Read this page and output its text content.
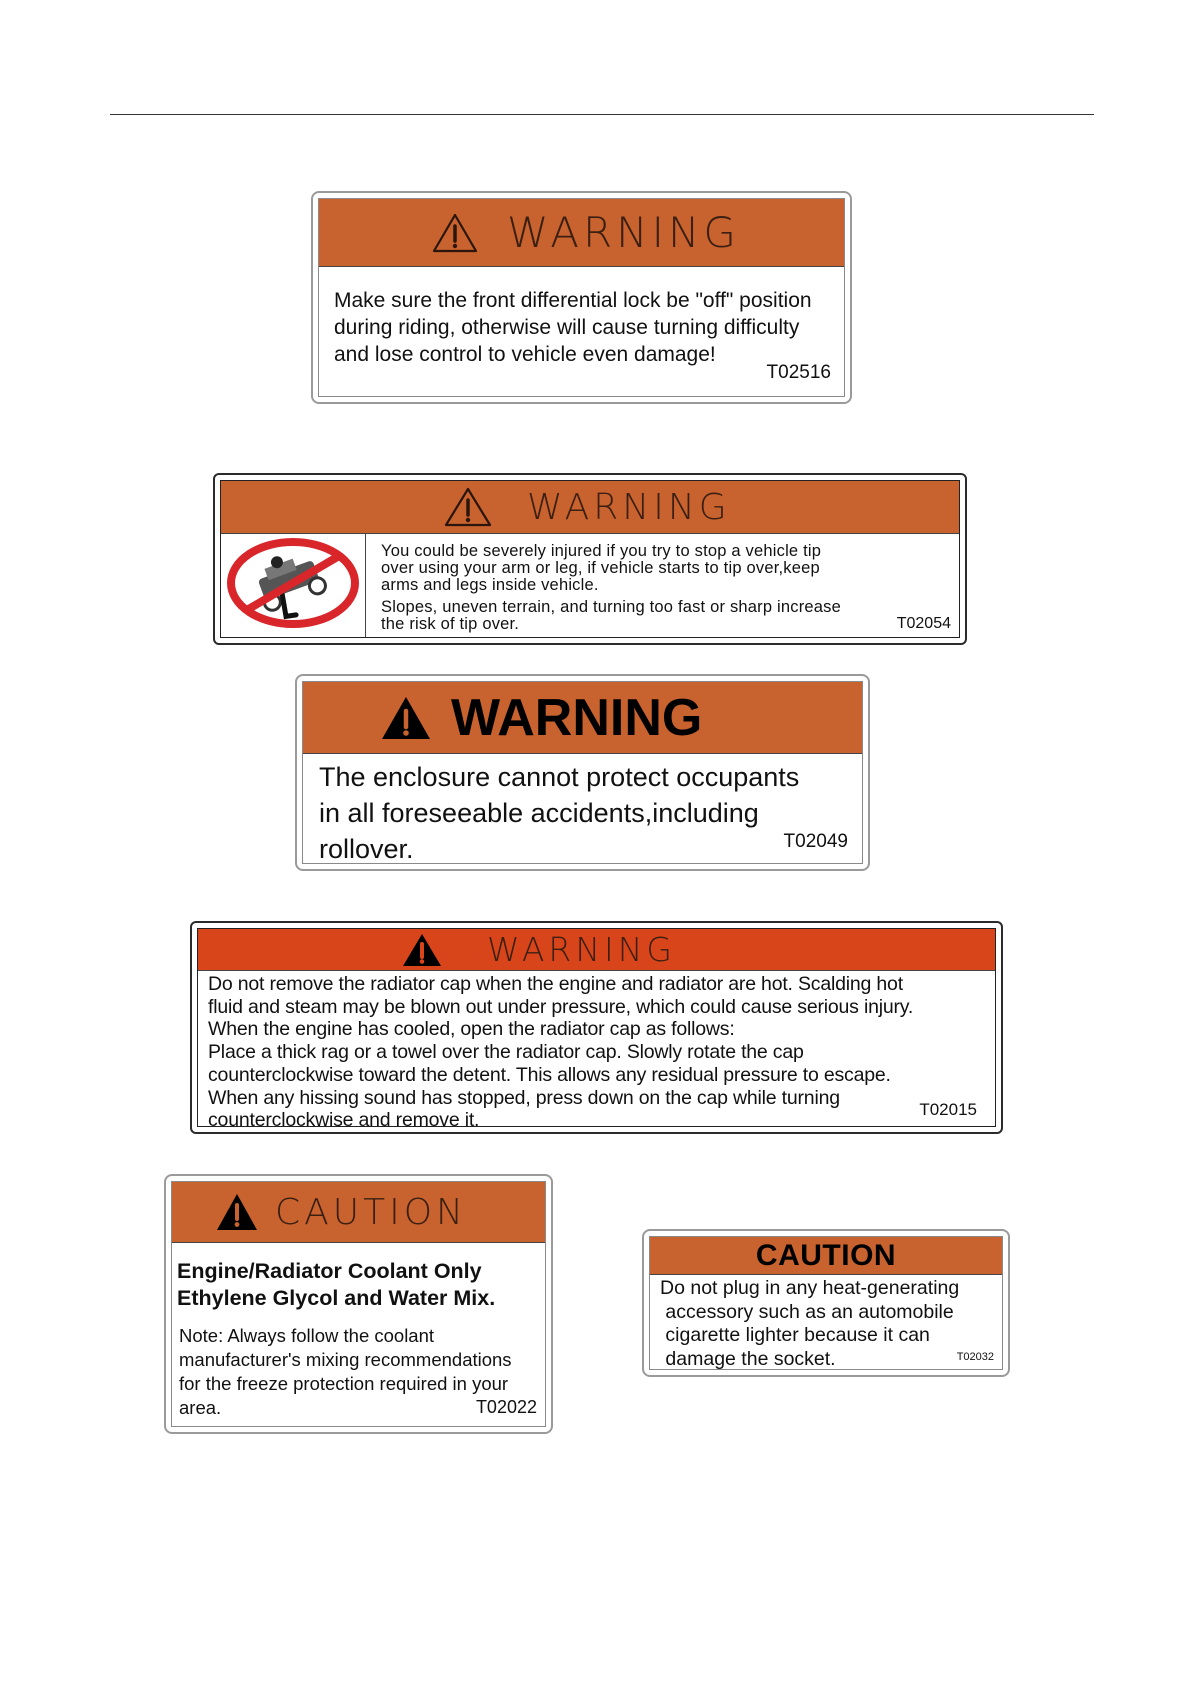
WARNING
Make sure the front differential lock be "off" position
during riding, otherwise will cause turning difficulty
and lose control to vehicle even damage!
T02516
WARNING
You could be severely injured if you try to stop a vehicle tip
over using your arm or leg, if vehicle starts to tip over,keep
arms and legs inside vehicle.
Slopes, uneven terrain, and turning too fast or sharp increase
the risk of tip over.	T02054
WARNING
The enclosure cannot protect occupants
in all foreseeable accidents,including
rollover.	T02049
WARNING
Do not remove the radiator cap when the engine and radiator are hot. Scalding hot
fluid and steam may be blown out under pressure, which could cause serious injury.
When the engine has cooled, open the radiator cap as follows:
Place a thick rag or a towel over the radiator cap. Slowly rotate the cap
counterclockwise toward the detent. This allows any residual pressure to escape.
When any hissing sound has stopped, press down on the cap while turning
counterclockwise and remove it.	T02015
CAUTION
Engine/Radiator Coolant Only
Ethylene Glycol and Water Mix.
Note: Always follow the coolant
manufacturer's mixing recommendations
for the freeze protection required in your
area.	T02022
CAUTION
Do not plug in any heat-generating
accessory such as an automobile
cigarette lighter because it can
damage the socket.	T02032
